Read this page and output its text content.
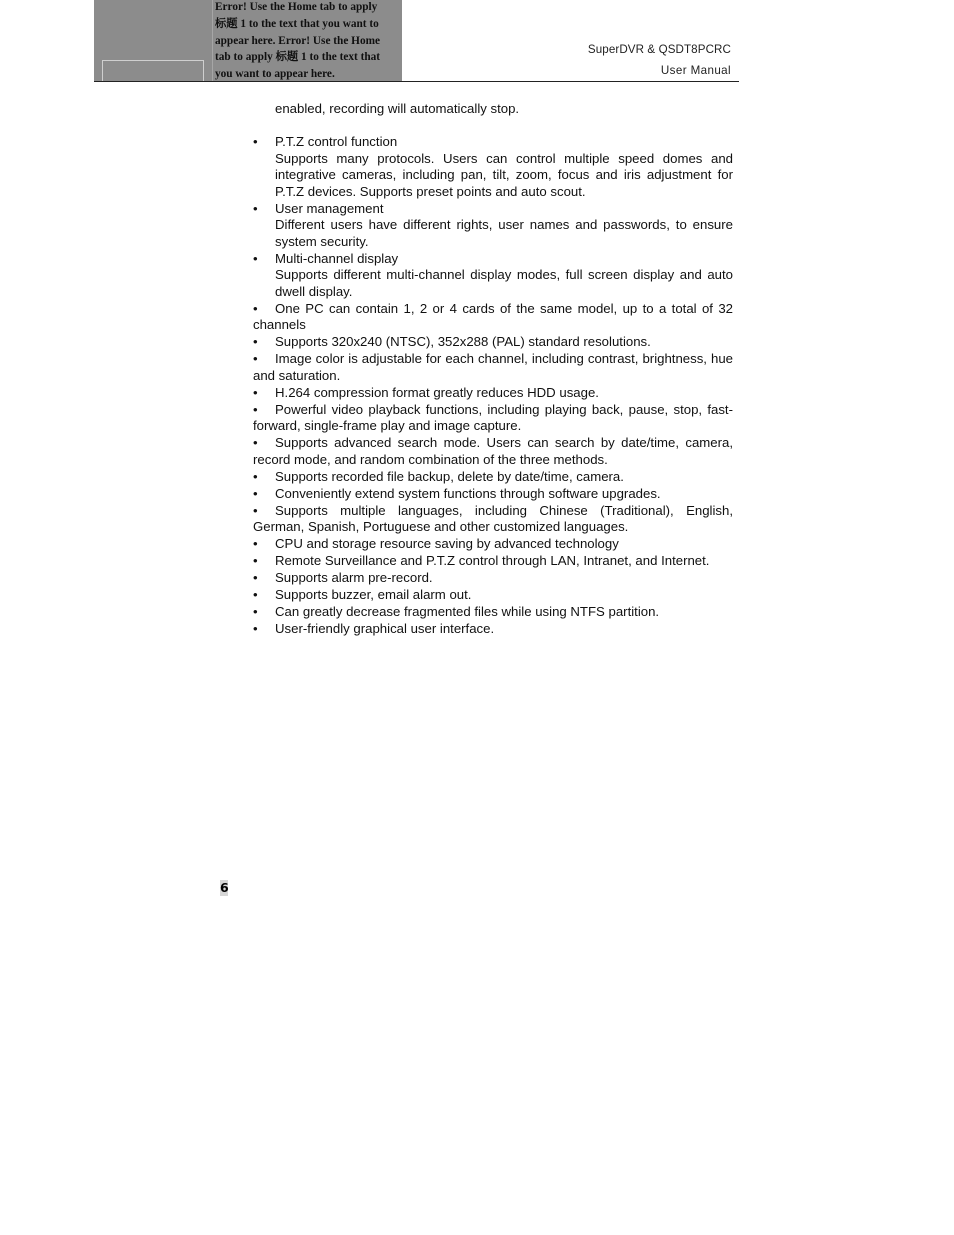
Error! Use the Home tab to apply
标题 1 to the text that you want to
appear here. Error! Use the Home
tab to apply 标题 1 to the text that
you want to appear here.
SuperDVR & QSDT8PCRC
User Manual
enabled, recording will automatically stop.
•	P.T.Z control function
Supports many protocols. Users can control multiple speed domes and integrative cameras, including pan, tilt, zoom, focus and iris adjustment for P.T.Z devices. Supports preset points and auto scout.
•	User management
Different users have different rights, user names and passwords, to ensure system security.
•	Multi-channel display
Supports different multi-channel display modes, full screen display and auto dwell display.
• One PC can contain 1, 2 or 4 cards of the same model, up to a total of 32 channels
•	Supports 320x240 (NTSC), 352x288 (PAL) standard resolutions.
• Image color is adjustable for each channel, including contrast, brightness, hue and saturation.
•	H.264 compression format greatly reduces HDD usage.
• Powerful video playback functions, including playing back, pause, stop, fast-forward, single-frame play and image capture.
• Supports advanced search mode. Users can search by date/time, camera, record mode, and random combination of the three methods.
•	Supports recorded file backup, delete by date/time, camera.
•	Conveniently extend system functions through software upgrades.
• Supports multiple languages, including Chinese (Traditional), English, German, Spanish, Portuguese and other customized languages.
•	CPU and storage resource saving by advanced technology
• Remote Surveillance and P.T.Z control through LAN, Intranet, and Internet.
•	Supports alarm pre-record.
•	Supports buzzer, email alarm out.
•	Can greatly decrease fragmented files while using NTFS partition.
•	User-friendly graphical user interface.
6
